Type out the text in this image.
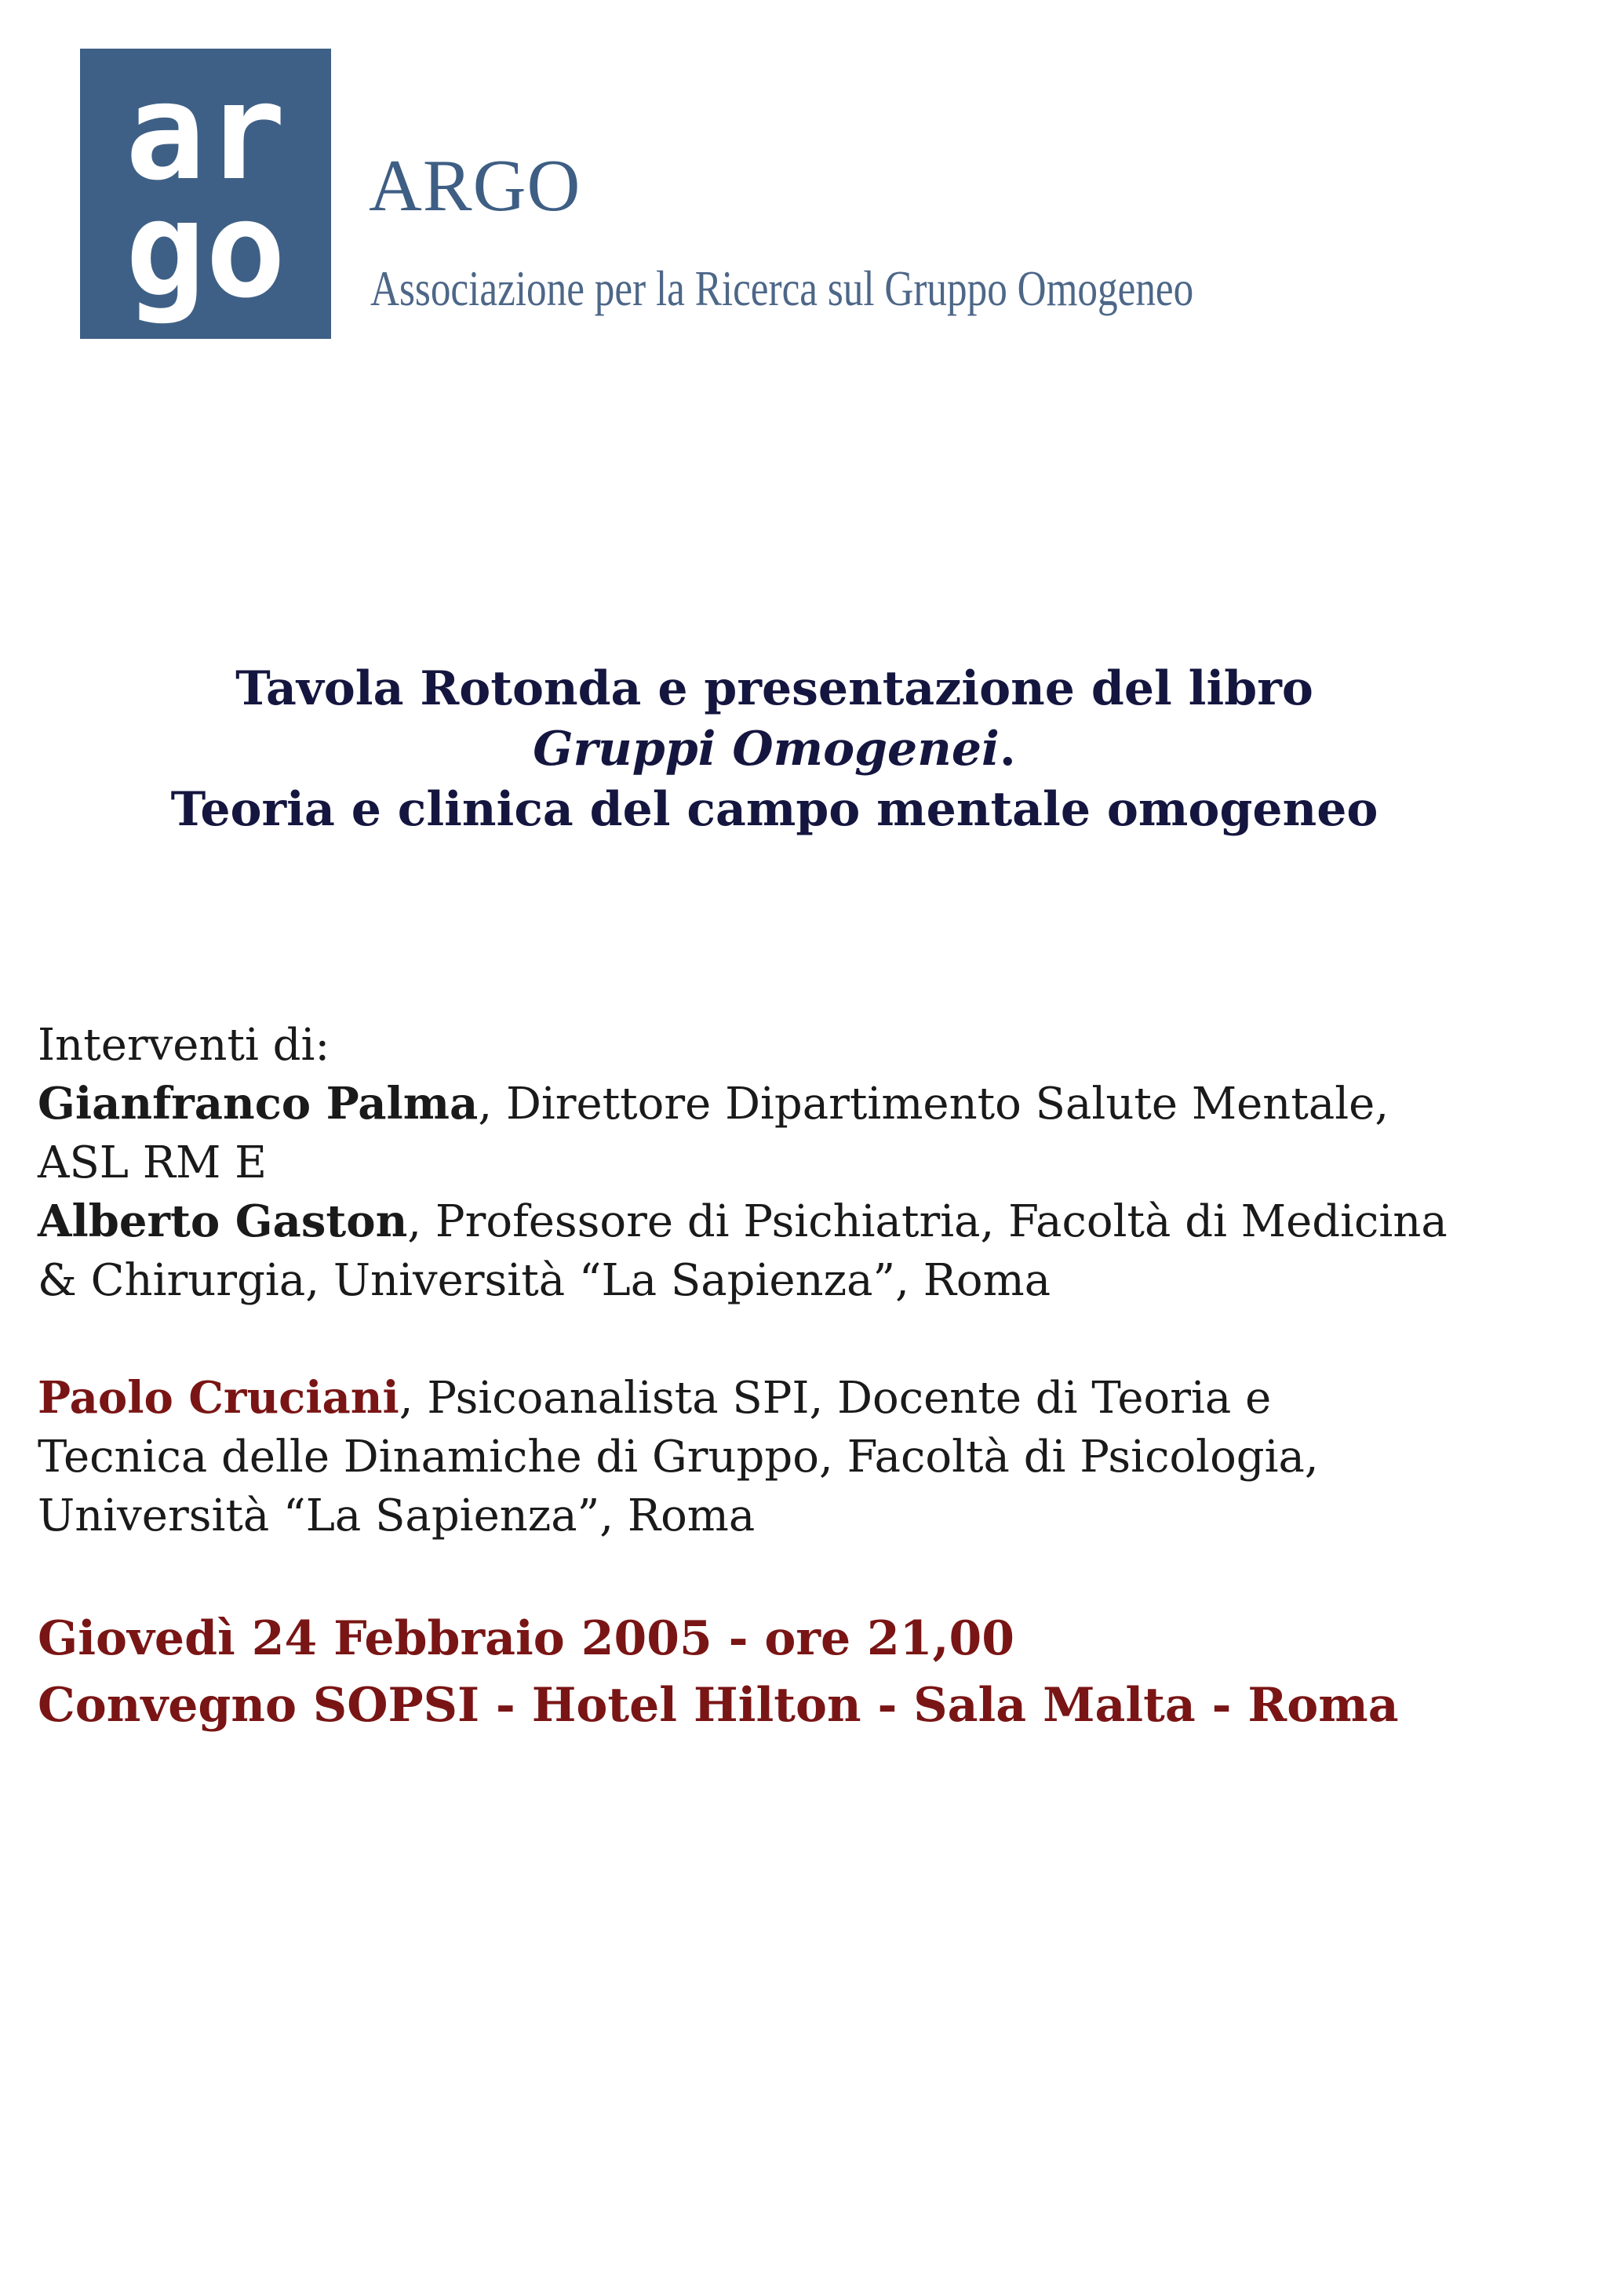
ar
go ARGO
Associazione per la Ricerca sul Gruppo Omogeneo
Tavola Rotonda e presentazione del libro
Gruppi Omogenei.
Teoria e clinica del campo mentale omogeneo

Interventi di:

Gianfranco Palma, Direttore Dipartimento Salute Mentale,

ASL RM E

Alberto Gaston, Professore di Psichiatria, Facoltà di Medicina

& Chirurgia, Università “La Sapienza”, Roma

Paolo Cruciani, Psicoanalista SPI, Docente di Teoria e

Tecnica delle Dinamiche di Gruppo, Facoltà di Psicologia,

Università “La Sapienza”, Roma

Giovedì 24 Febbraio 2005 - ore 21,00
Convegno SOPSI - Hotel Hilton - Sala Malta - Roma
